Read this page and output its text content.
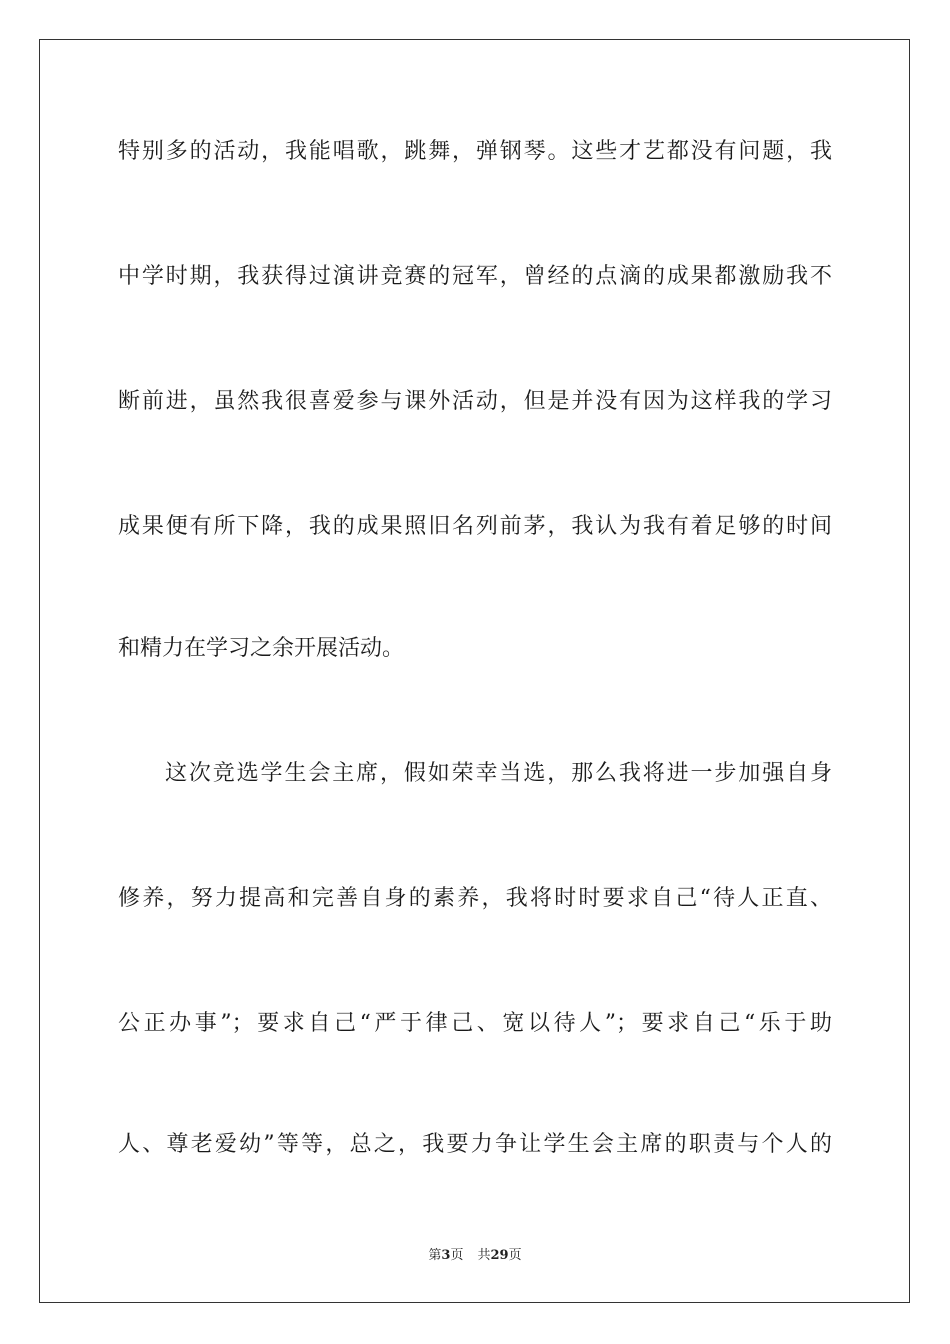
特别多的活动，我能唱歌，跳舞，弹钢琴。这些才艺都没有问题，我
中学时期，我获得过演讲竞赛的冠军，曾经的点滴的成果都激励我不
断前进，虽然我很喜爱参与课外活动，但是并没有因为这样我的学习
成果便有所下降，我的成果照旧名列前茅，我认为我有着足够的时间
和精力在学习之余开展活动。
这次竞选学生会主席，假如荣幸当选，那么我将进一步加强自身
修养，努力提高和完善自身的素养，我将时时要求自己“待人正直、
公正办事”；要求自己“严于律己、宽以待人”；要求自己“乐于助
人、尊老爱幼”等等，总之，我要力争让学生会主席的职责与个人的
第3页 共29页
